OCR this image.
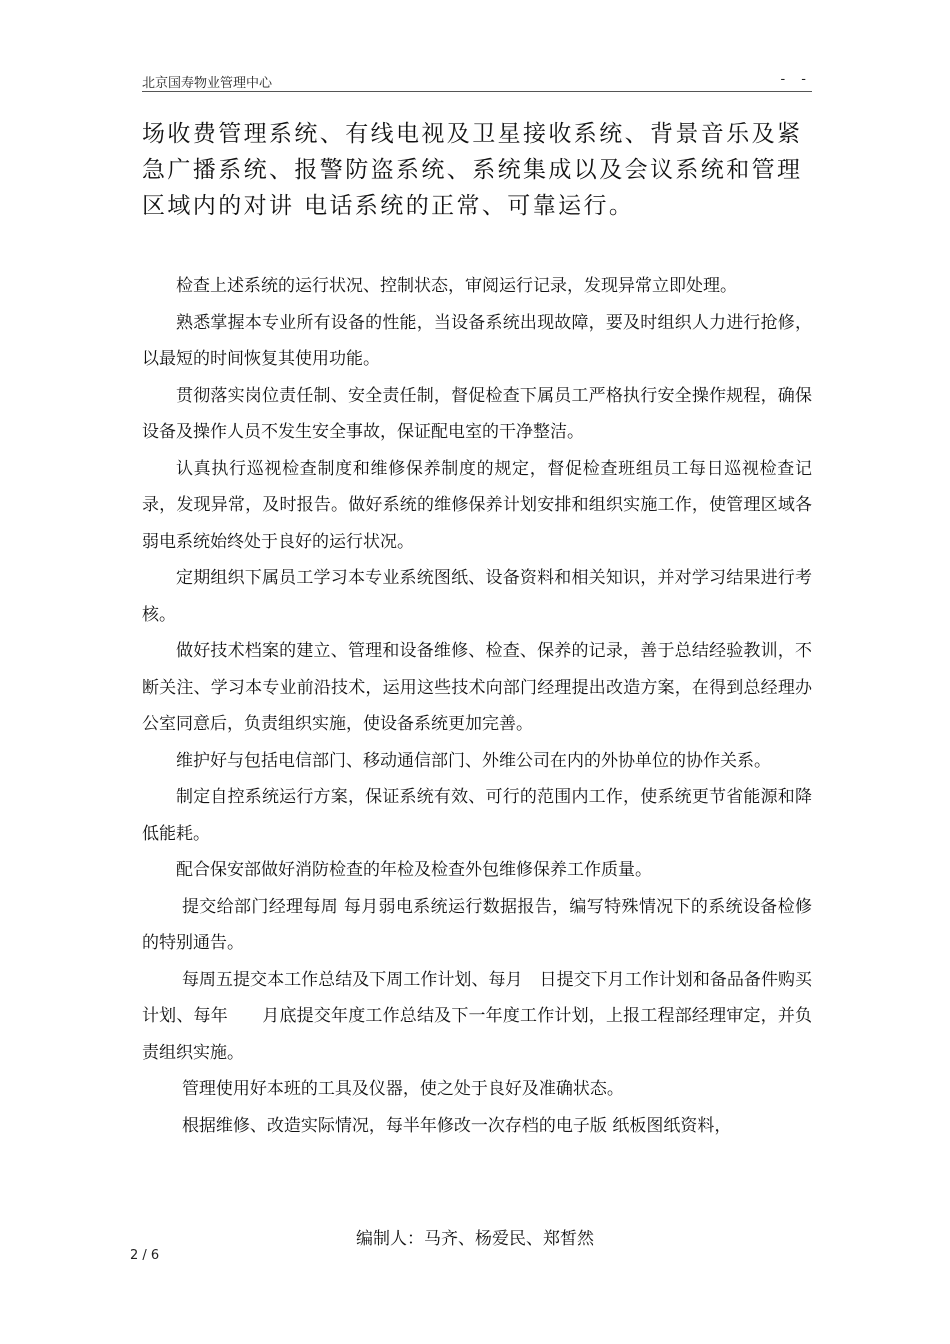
北京国寿物业管理中心	- -

场收费管理系统、有线电视及卫星接收系统、背景音乐及紧

急广播系统、报警防盗系统、系统集成以及会议系统和管理

区域内的对讲 电话系统的正常、可靠运行。

检查上述系统的运行状况、控制状态，审阅运行记录，发现异常立即处理。

熟悉掌握本专业所有设备的性能，当设备系统出现故障，要及时组织人力进行抢修，以最短的时间恢复其使用功能。

贯彻落实岗位责任制、安全责任制，督促检查下属员工严格执行安全操作规程，确保设备及操作人员不发生安全事故，保证配电室的干净整洁。

认真执行巡视检查制度和维修保养制度的规定，督促检查班组员工每日巡视检查记录，发现异常，及时报告。做好系统的维修保养计划安排和组织实施工作，使管理区域各弱电系统始终处于良好的运行状况。

定期组织下属员工学习本专业系统图纸、设备资料和相关知识，并对学习结果进行考核。

做好技术档案的建立、管理和设备维修、检查、保养的记录，善于总结经验教训，不断关注、学习本专业前沿技术，运用这些技术向部门经理提出改造方案，在得到总经理办公室同意后，负责组织实施，使设备系统更加完善。

维护好与包括电信部门、移动通信部门、外维公司在内的外协单位的协作关系。

制定自控系统运行方案，保证系统有效、可行的范围内工作，使系统更节省能源和降低能耗。

配合保安部做好消防检查的年检及检查外包维修保养工作质量。

提交给部门经理每周 每月弱电系统运行数据报告，编写特殊情况下的系统设备检修的特别通告。

每周五提交本工作总结及下周工作计划、每月　日提交下月工作计划和备品备件购买计划、每年　　月底提交年度工作总结及下一年度工作计划，上报工程部经理审定，并负责组织实施。

管理使用好本班的工具及仪器，使之处于良好及准确状态。

根据维修、改造实际情况，每半年修改一次存档的电子版 纸板图纸资料，

编制人：马齐、杨爱民、郑皙然
2 / 6
